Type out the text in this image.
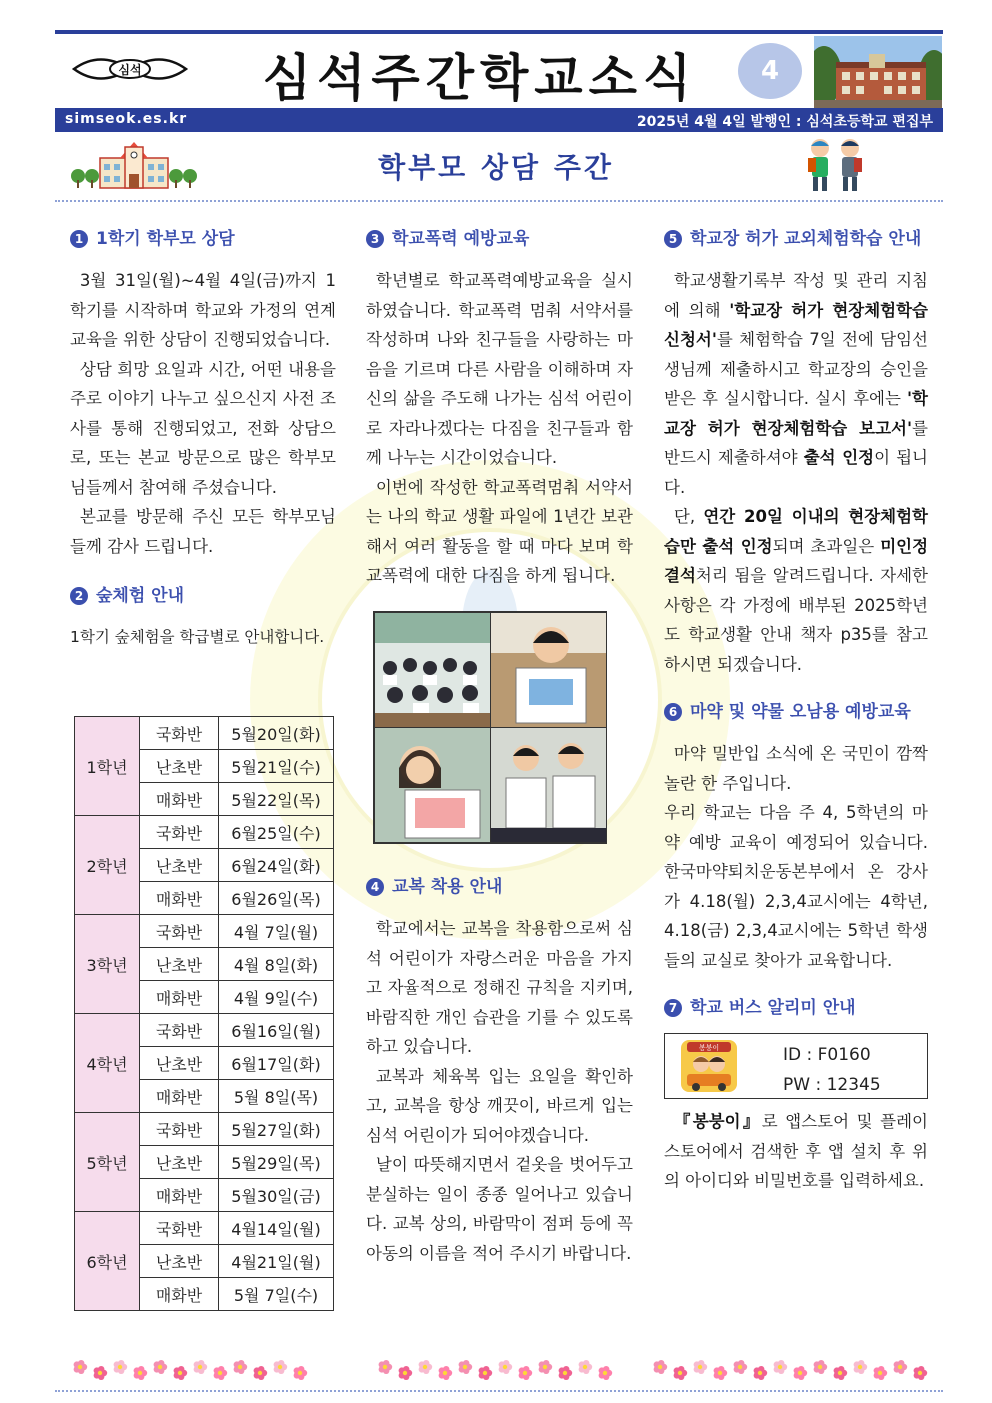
심석	심석주간학교소식	4
simseok.es.kr	2025년 4월 4일 발행인 : 심석초등학교 편집부
학부모 상담 주간
1 1학기 학부모 상담

3월 31일(월)~4월 4일(금)까지 1학기를 시작하며 학교와 가정의 연계 교육을 위한 상담이 진행되었습니다.

상담 희망 요일과 시간, 어떤 내용을 주로 이야기 나누고 싶으신지 사전 조사를 통해 진행되었고, 전화 상담으로, 또는 본교 방문으로 많은 학부모님들께서 참여해 주셨습니다.

본교를 방문해 주신 모든 학부모님들께 감사 드립니다.

2 숲체험 안내

1학기 숲체험을 학급별로 안내합니다.

1학년	국화반	5월20일(화)
	난초반	5월21일(수)
	매화반	5월22일(목)
2학년	국화반	6월25일(수)
	난초반	6월24일(화)
	매화반	6월26일(목)
3학년	국화반	4월 7일(월)
	난초반	4월 8일(화)
	매화반	4월 9일(수)
4학년	국화반	6월16일(월)
	난초반	6월17일(화)
	매화반	5월 8일(목)
5학년	국화반	5월27일(화)
	난초반	5월29일(목)
	매화반	5월30일(금)
6학년	국화반	4월14일(월)
	난초반	4월21일(월)
	매화반	5월 7일(수)
3 학교폭력 예방교육

학년별로 학교폭력예방교육을 실시하였습니다. 학교폭력 멈춰 서약서를 작성하며 나와 친구들을 사랑하는 마음을 기르며 다른 사람을 이해하며 자신의 삶을 주도해 나가는 심석 어린이로 자라나겠다는 다짐을 친구들과 함께 나누는 시간이었습니다.

이번에 작성한 학교폭력멈춰 서약서는 나의 학교 생활 파일에 1년간 보관해서 여러 활동을 할 때 마다 보며 학교폭력에 대한 다짐을 하게 됩니다.

4 교복 착용 안내

학교에서는 교복을 착용함으로써 심석 어린이가 자랑스러운 마음을 가지고 자율적으로 정해진 규칙을 지키며, 바람직한 개인 습관을 기를 수 있도록 하고 있습니다.

교복과 체육복 입는 요일을 확인하고, 교복을 항상 깨끗이, 바르게 입는 심석 어린이가 되어야겠습니다.

날이 따뜻해지면서 겉옷을 벗어두고 분실하는 일이 종종 일어나고 있습니다. 교복 상의, 바람막이 점퍼 등에 꼭 아동의 이름을 적어 주시기 바랍니다.

5 학교장 허가 교외체험학습 안내

학교생활기록부 작성 및 관리 지침에 의해 '학교장 허가 현장체험학습 신청서'를 체험학습 7일 전에 담임선생님께 제출하시고 학교장의 승인을 받은 후 실시합니다. 실시 후에는 '학교장 허가 현장체험학습 보고서'를 반드시 제출하셔야 출석 인정이 됩니다.

단, 연간 20일 이내의 현장체험학습만 출석 인정되며 초과일은 미인정결석처리 됨을 알려드립니다. 자세한 사항은 각 가정에 배부된 2025학년도 학교생활 안내 책자 p35를 참고하시면 되겠습니다.

6 마약 및 약물 오남용 예방교육

마약 밀반입 소식에 온 국민이 깜짝 놀란 한 주입니다.

우리 학교는 다음 주 4, 5학년의 마약 예방 교육이 예정되어 있습니다. 한국마약퇴치운동본부에서 온 강사가 4.18(월) 2,3,4교시에는 4학년, 4.18(금) 2,3,4교시에는 5학년 학생들의 교실로 찾아가 교육합니다.

7 학교 버스 알리미 안내
봉붕이	ID : F0160
PW : 12345

『봉붕이』로 앱스토어 및 플레이 스토어에서 검색한 후 앱 설치 후 위의 아이디와 비밀번호를 입력하세요.
